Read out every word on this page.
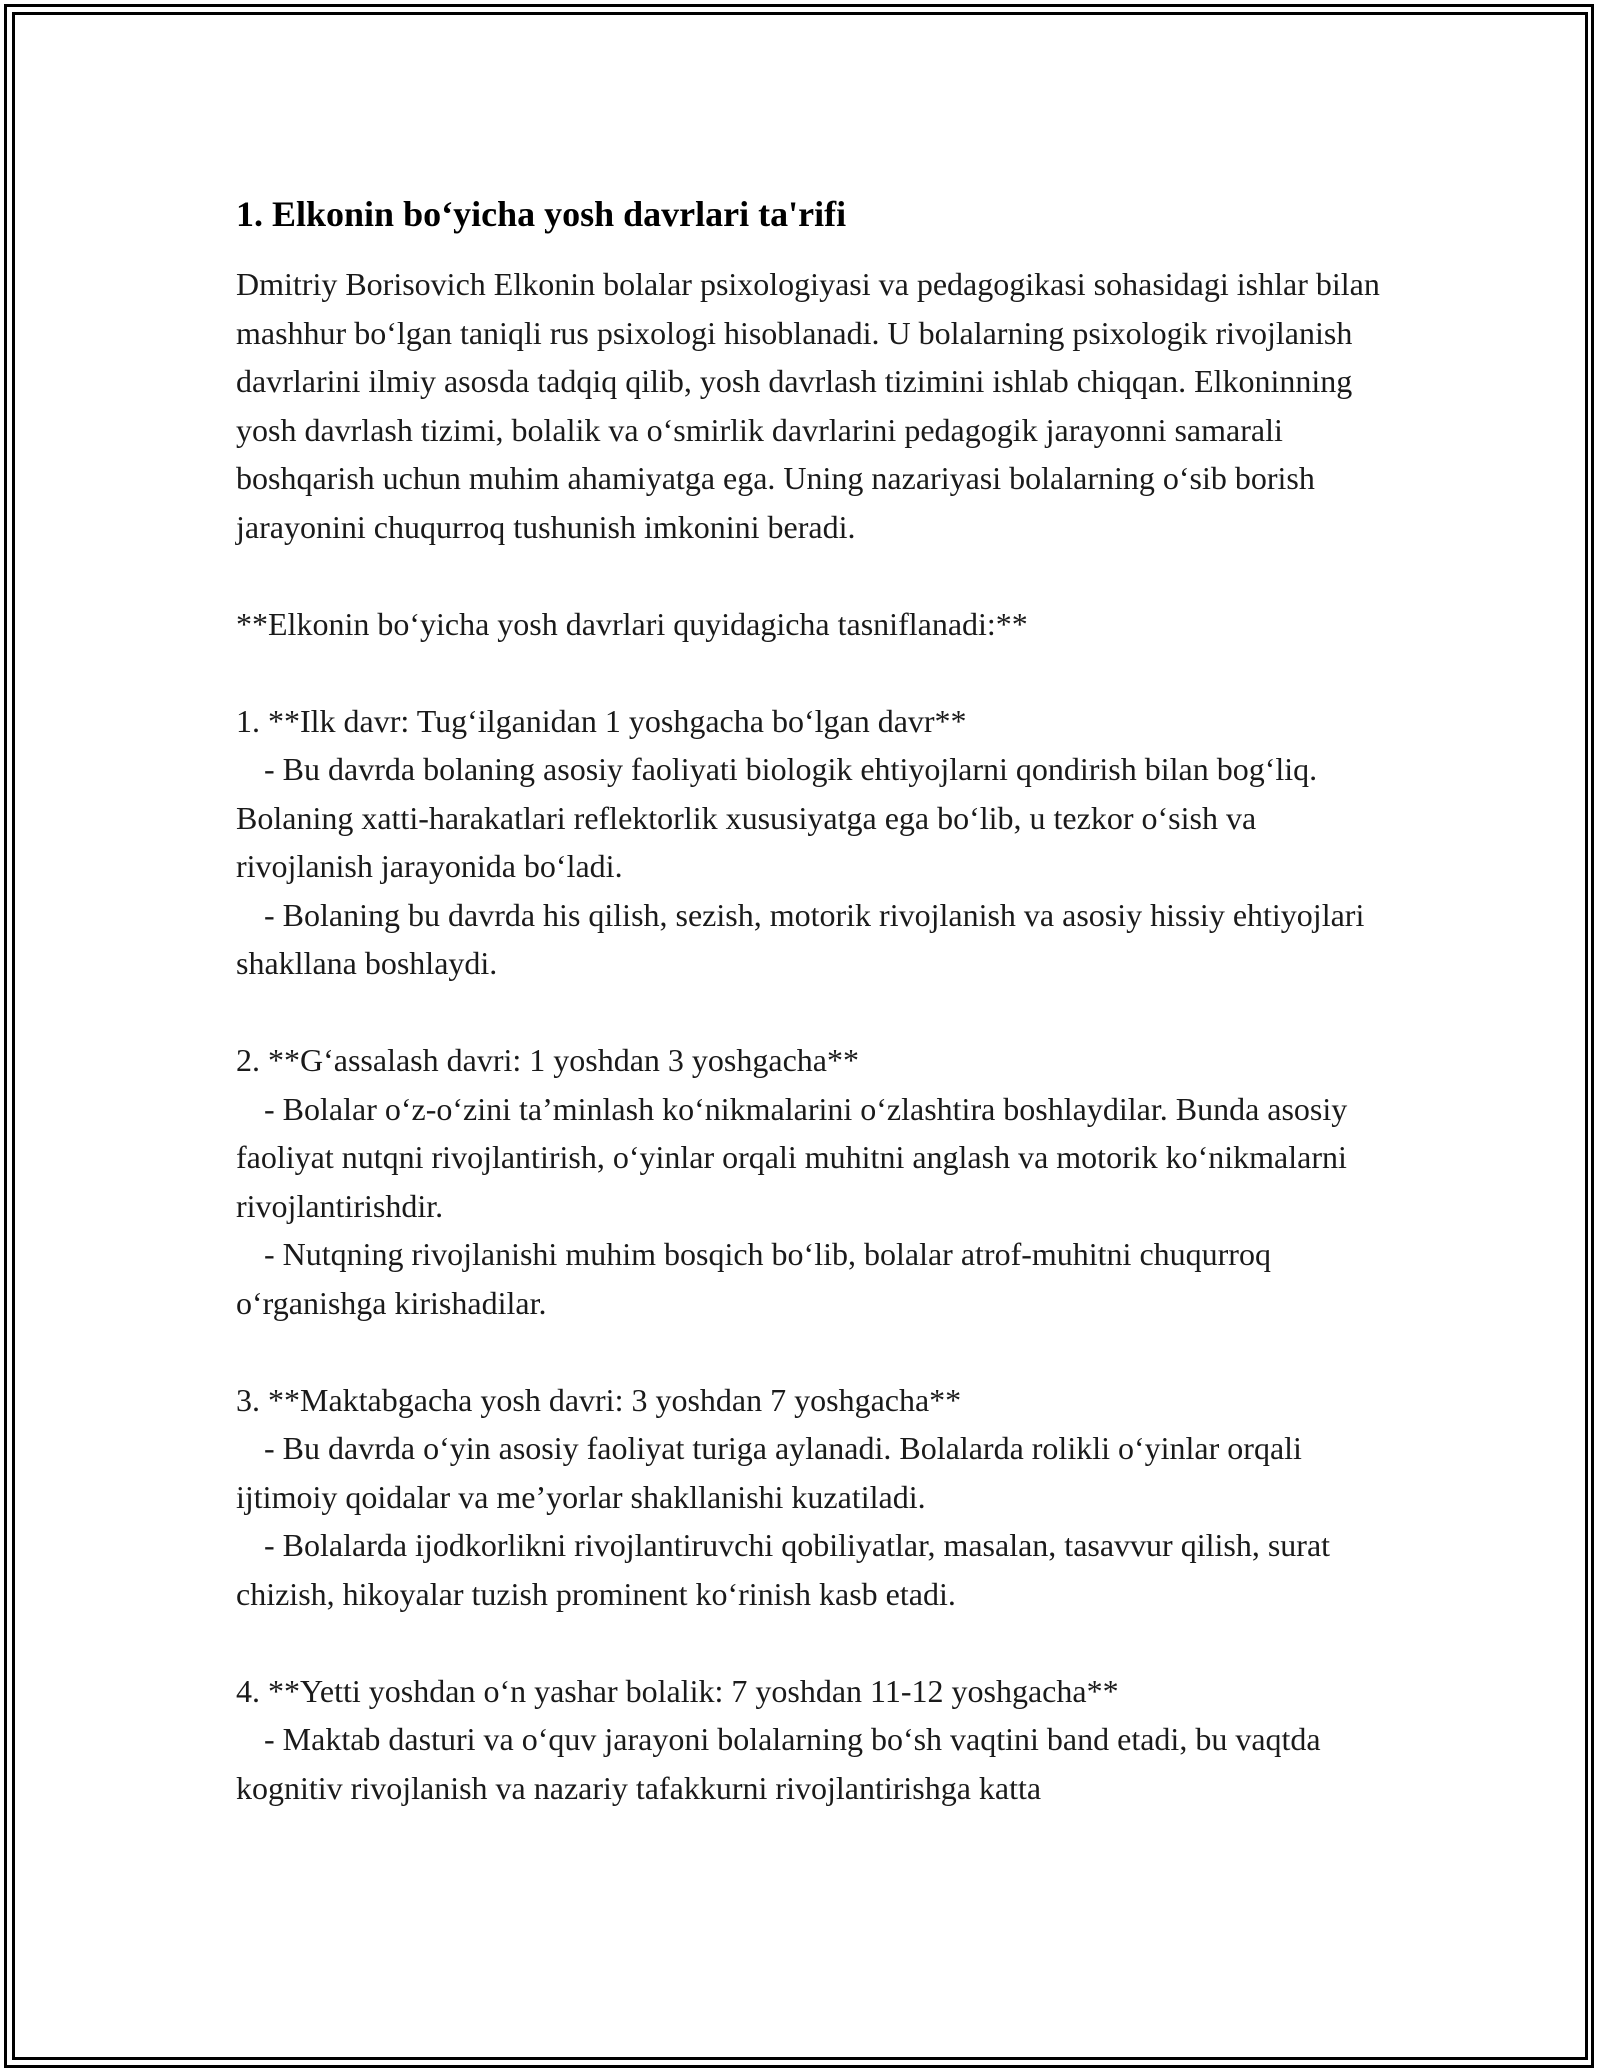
1. Elkonin bo‘yicha yosh davrlari ta'rifi

Dmitriy Borisovich Elkonin bolalar psixologiyasi va pedagogikasi sohasidagi ishlar bilan mashhur bo‘lgan taniqli rus psixologi hisoblanadi. U bolalarning psixologik rivojlanish davrlarini ilmiy asosda tadqiq qilib, yosh davrlash tizimini ishlab chiqqan. Elkoninning yosh davrlash tizimi, bolalik va o‘smirlik davrlarini pedagogik jarayonni samarali boshqarish uchun muhim ahamiyatga ega. Uning nazariyasi bolalarning o‘sib borish jarayonini chuqurroq tushunish imkonini beradi.

**Elkonin bo‘yicha yosh davrlari quyidagicha tasniflanadi:**

1. **Ilk davr: Tug‘ilganidan 1 yoshgacha bo‘lgan davr**

- Bu davrda bolaning asosiy faoliyati biologik ehtiyojlarni qondirish bilan bog‘liq. Bolaning xatti-harakatlari reflektorlik xususiyatga ega bo‘lib, u tezkor o‘sish va rivojlanish jarayonida bo‘ladi.

- Bolaning bu davrda his qilish, sezish, motorik rivojlanish va asosiy hissiy ehtiyojlari shakllana boshlaydi.

2. **G‘assalash davri: 1 yoshdan 3 yoshgacha**

- Bolalar o‘z-o‘zini ta’minlash ko‘nikmalarini o‘zlashtira boshlaydilar. Bunda asosiy faoliyat nutqni rivojlantirish, o‘yinlar orqali muhitni anglash va motorik ko‘nikmalarni rivojlantirishdir.

- Nutqning rivojlanishi muhim bosqich bo‘lib, bolalar atrof-muhitni chuqurroq o‘rganishga kirishadilar.

3. **Maktabgacha yosh davri: 3 yoshdan 7 yoshgacha**

- Bu davrda o‘yin asosiy faoliyat turiga aylanadi. Bolalarda rolikli o‘yinlar orqali ijtimoiy qoidalar va me’yorlar shakllanishi kuzatiladi.

- Bolalarda ijodkorlikni rivojlantiruvchi qobiliyatlar, masalan, tasavvur qilish, surat chizish, hikoyalar tuzish prominent ko‘rinish kasb etadi.

4. **Yetti yoshdan o‘n yashar bolalik: 7 yoshdan 11-12 yoshgacha**

- Maktab dasturi va o‘quv jarayoni bolalarning bo‘sh vaqtini band etadi, bu vaqtda kognitiv rivojlanish va nazariy tafakkurni rivojlantirishga katta
